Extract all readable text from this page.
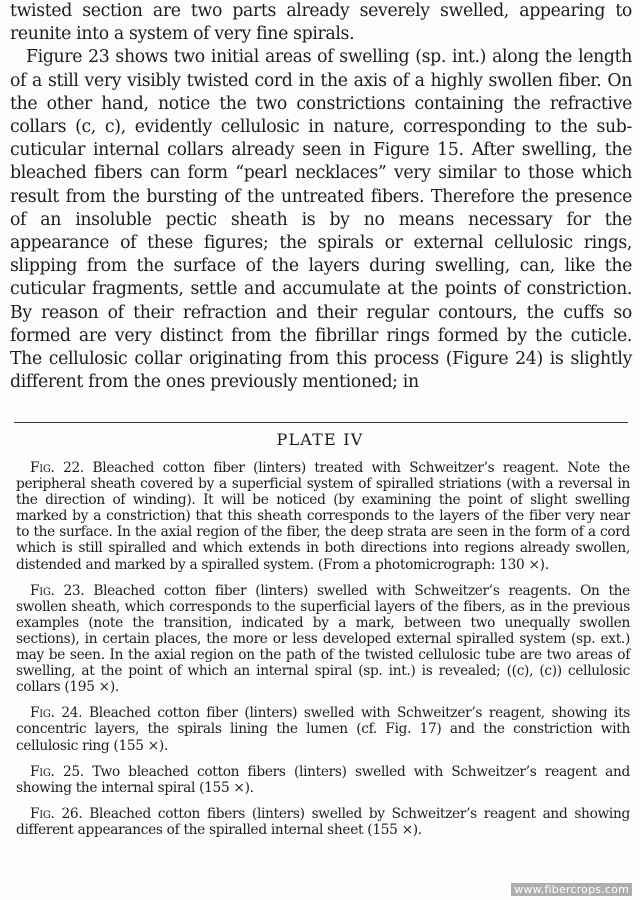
twisted section are two parts already severely swelled, appearing to reunite into a system of very fine spirals.

Figure 23 shows two initial areas of swelling (sp. int.) along the length of a still very visibly twisted cord in the axis of a highly swollen fiber. On the other hand, notice the two constrictions containing the refractive collars (c, c), evidently cellulosic in nature, corresponding to the sub-cuticular internal collars already seen in Figure 15. After swelling, the bleached fibers can form “pearl necklaces” very similar to those which result from the bursting of the untreated fibers. Therefore the presence of an insoluble pectic sheath is by no means necessary for the appearance of these figures; the spirals or external cellulosic rings, slipping from the surface of the layers during swelling, can, like the cuticular fragments, settle and accumulate at the points of constriction. By reason of their refraction and their regular contours, the cuffs so formed are very distinct from the fibrillar rings formed by the cuticle. The cellulosic collar originating from this process (Figure 24) is slightly different from the ones previously mentioned; in

PLATE IV

Fig. 22. Bleached cotton fiber (linters) treated with Schweitzer’s reagent. Note the peripheral sheath covered by a superficial system of spiralled striations (with a reversal in the direction of winding). It will be noticed (by examining the point of slight swelling marked by a constriction) that this sheath corresponds to the layers of the fiber very near to the surface. In the axial region of the fiber, the deep strata are seen in the form of a cord which is still spiralled and which extends in both directions into regions already swollen, distended and marked by a spiralled system. (From a photomicrograph: 130 ×).

Fig. 23. Bleached cotton fiber (linters) swelled with Schweitzer’s reagents. On the swollen sheath, which corresponds to the superficial layers of the fibers, as in the previous examples (note the transition, indicated by a mark, between two unequally swollen sections), in certain places, the more or less developed external spiralled system (sp. ext.) may be seen. In the axial region on the path of the twisted cellulosic tube are two areas of swelling, at the point of which an internal spiral (sp. int.) is revealed; ((c), (c)) cellulosic collars (195 ×).

Fig. 24. Bleached cotton fiber (linters) swelled with Schweitzer’s reagent, showing its concentric layers, the spirals lining the lumen (cf. Fig. 17) and the constriction with cellulosic ring (155 ×).

Fig. 25. Two bleached cotton fibers (linters) swelled with Schweitzer’s reagent and showing the internal spiral (155 ×).

Fig. 26. Bleached cotton fibers (linters) swelled by Schweitzer’s reagent and showing different appearances of the spiralled internal sheet (155 ×).

www.fibercrops.com
